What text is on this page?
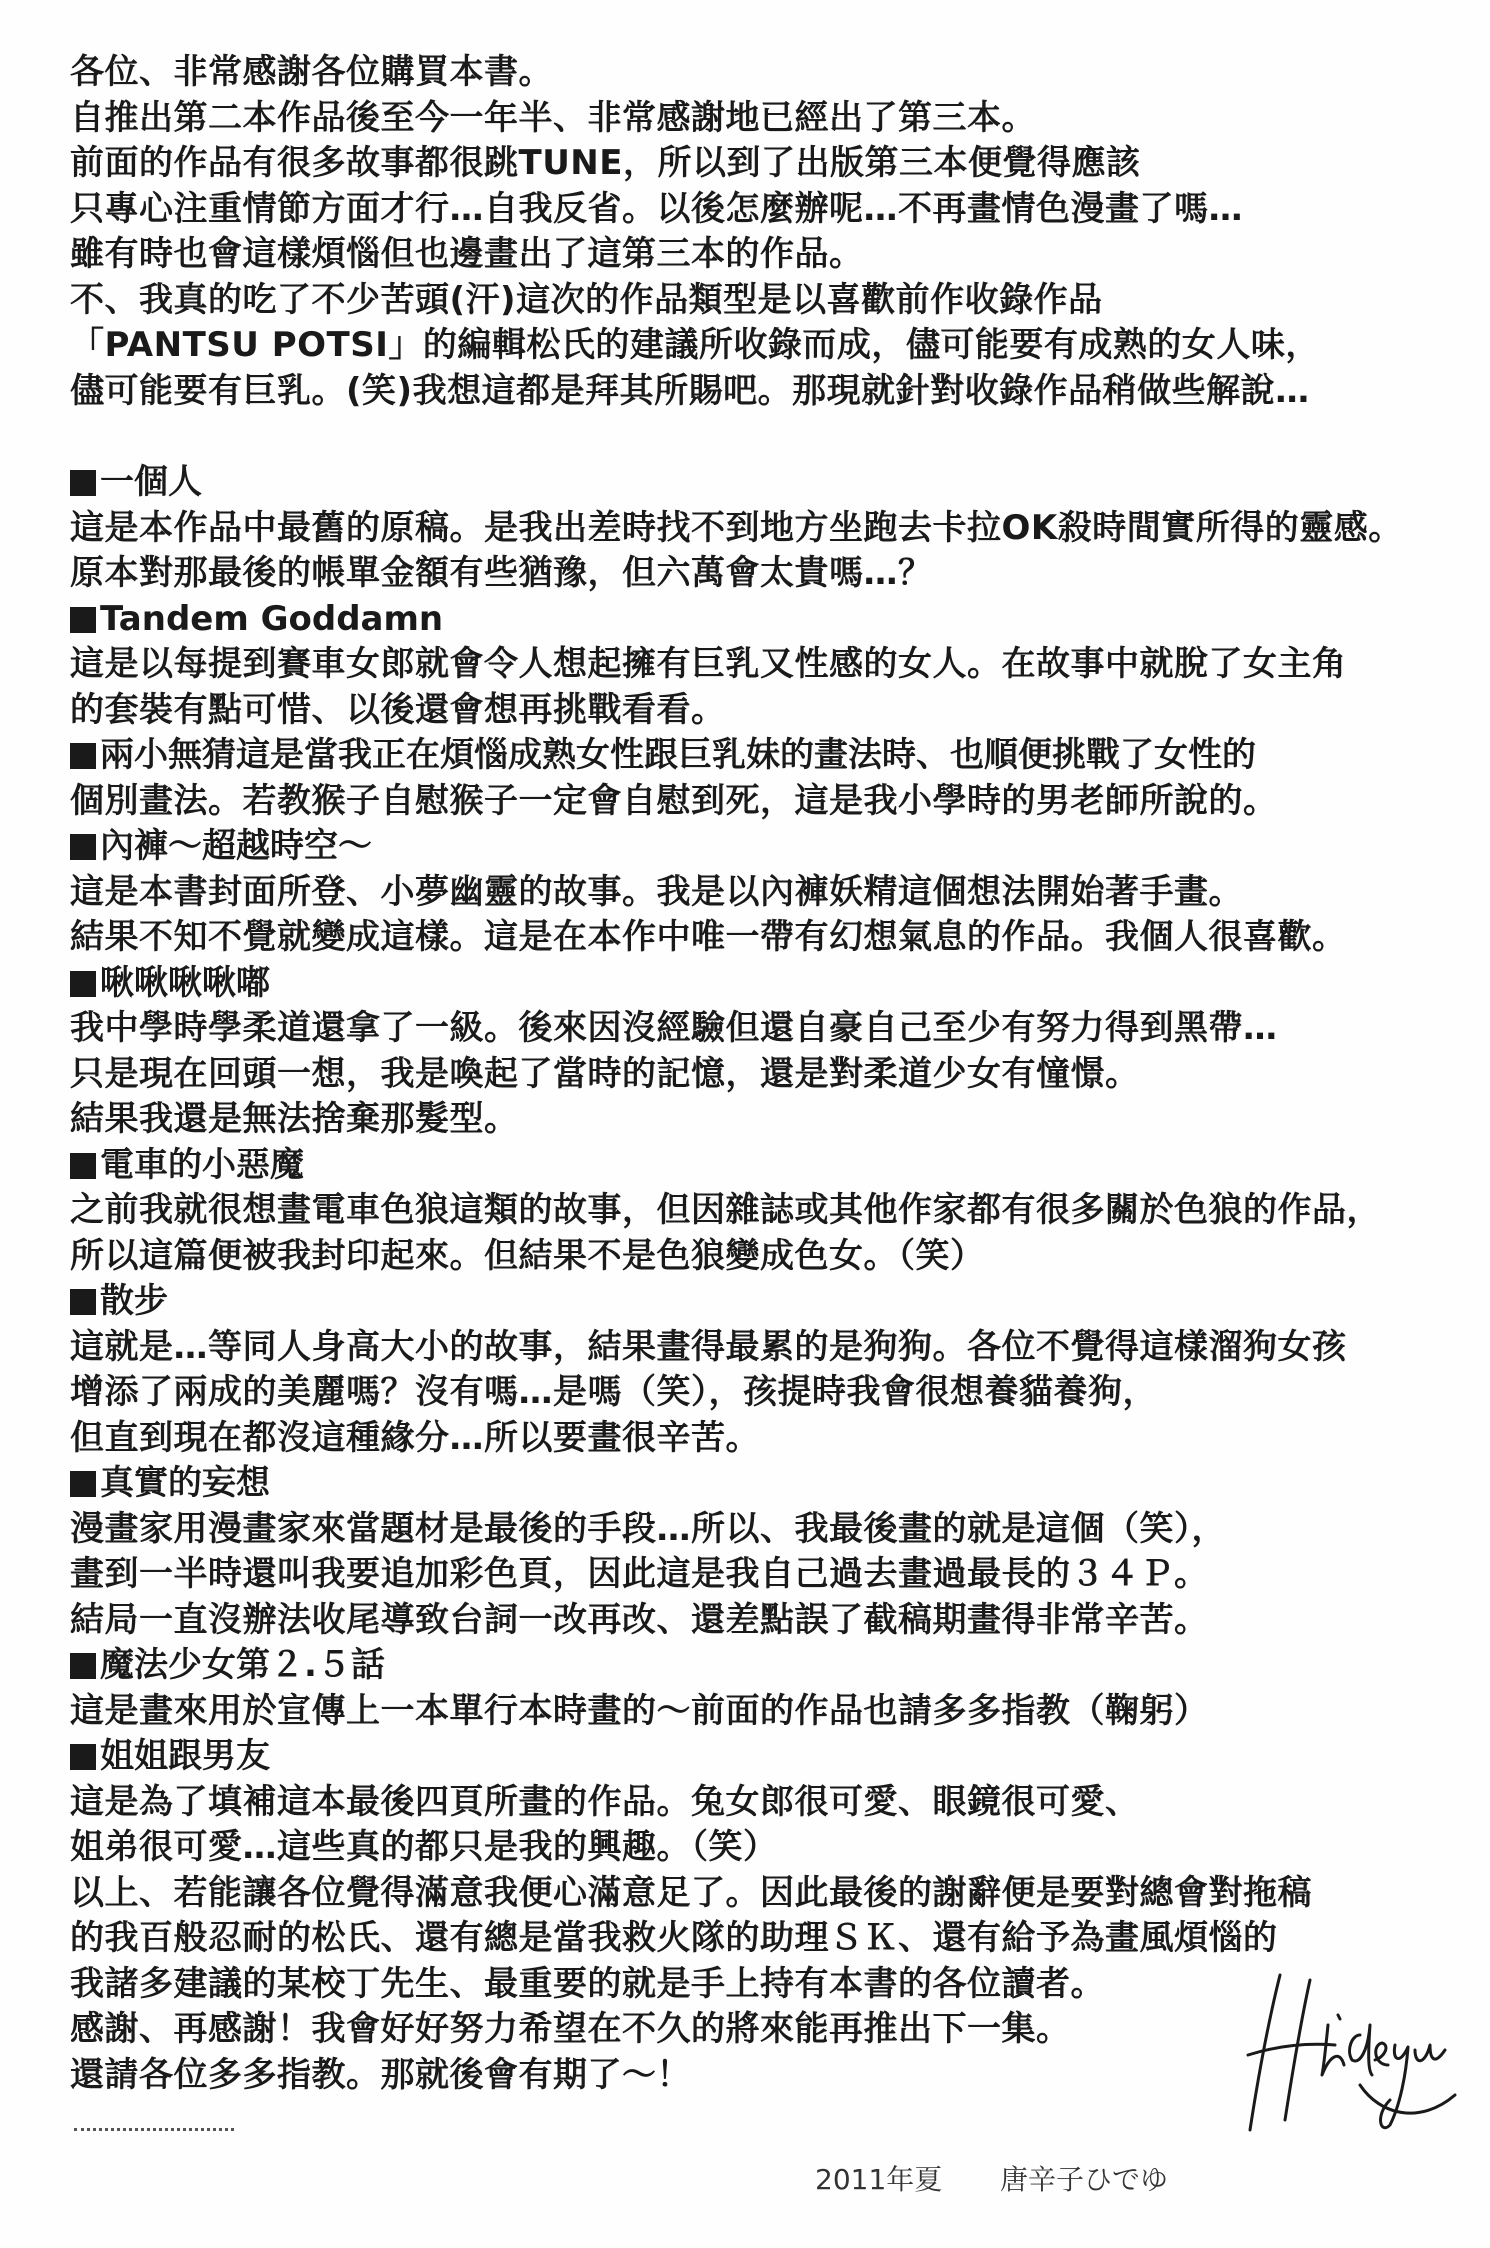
各位、非常感謝各位購買本書。
自推出第二本作品後至今一年半、非常感謝地已經出了第三本。
前面的作品有很多故事都很跳TUNE，所以到了出版第三本便覺得應該
只專心注重情節方面才行…自我反省。以後怎麼辦呢…不再畫情色漫畫了嗎…
雖有時也會這樣煩惱但也邊畫出了這第三本的作品。
不、我真的吃了不少苦頭(汗)這次的作品類型是以喜歡前作收錄作品
「PANTSU POTSI」的編輯松氏的建議所收錄而成，儘可能要有成熟的女人味，
儘可能要有巨乳。(笑)我想這都是拜其所賜吧。那現就針對收錄作品稍做些解說…
一個人
這是本作品中最舊的原稿。是我出差時找不到地方坐跑去卡拉OK殺時間實所得的靈感。
原本對那最後的帳單金額有些猶豫，但六萬會太貴嗎…？
Tandem Goddamn
這是以每提到賽車女郎就會令人想起擁有巨乳又性感的女人。在故事中就脫了女主角
的套裝有點可惜、以後還會想再挑戰看看。
兩小無猜這是當我正在煩惱成熟女性跟巨乳妹的畫法時、也順便挑戰了女性的
個別畫法。若教猴子自慰猴子一定會自慰到死，這是我小學時的男老師所說的。
內褲～超越時空～
這是本書封面所登、小夢幽靈的故事。我是以內褲妖精這個想法開始著手畫。
結果不知不覺就變成這樣。這是在本作中唯一帶有幻想氣息的作品。我個人很喜歡。
啾啾啾啾嘟
我中學時學柔道還拿了一級。後來因沒經驗但還自豪自己至少有努力得到黑帶…
只是現在回頭一想，我是喚起了當時的記憶，還是對柔道少女有憧憬。
結果我還是無法捨棄那髮型。
電車的小惡魔
之前我就很想畫電車色狼這類的故事，但因雜誌或其他作家都有很多關於色狼的作品，
所以這篇便被我封印起來。但結果不是色狼變成色女。（笑）
散步
這就是…等同人身高大小的故事，結果畫得最累的是狗狗。各位不覺得這樣溜狗女孩
增添了兩成的美麗嗎？沒有嗎…是嗎（笑），孩提時我會很想養貓養狗，
但直到現在都沒這種緣分…所以要畫很辛苦。
真實的妄想
漫畫家用漫畫家來當題材是最後的手段…所以、我最後畫的就是這個（笑），
畫到一半時還叫我要追加彩色頁，因此這是我自己過去畫過最長的３４Ｐ。
結局一直沒辦法收尾導致台詞一改再改、還差點誤了截稿期畫得非常辛苦。
魔法少女第２.５話
這是畫來用於宣傳上一本單行本時畫的～前面的作品也請多多指教（鞠躬）
姐姐跟男友
這是為了填補這本最後四頁所畫的作品。兔女郎很可愛、眼鏡很可愛、
姐弟很可愛…這些真的都只是我的興趣。（笑）
以上、若能讓各位覺得滿意我便心滿意足了。因此最後的謝辭便是要對總會對拖稿
的我百般忍耐的松氏、還有總是當我救火隊的助理ＳＫ、還有給予為畫風煩惱的
我諸多建議的某校丁先生、最重要的就是手上持有本書的各位讀者。
感謝、再感謝！我會好好努力希望在不久的將來能再推出下一集。
還請各位多多指教。那就後會有期了～！
2011年夏 唐辛子ひでゆ
